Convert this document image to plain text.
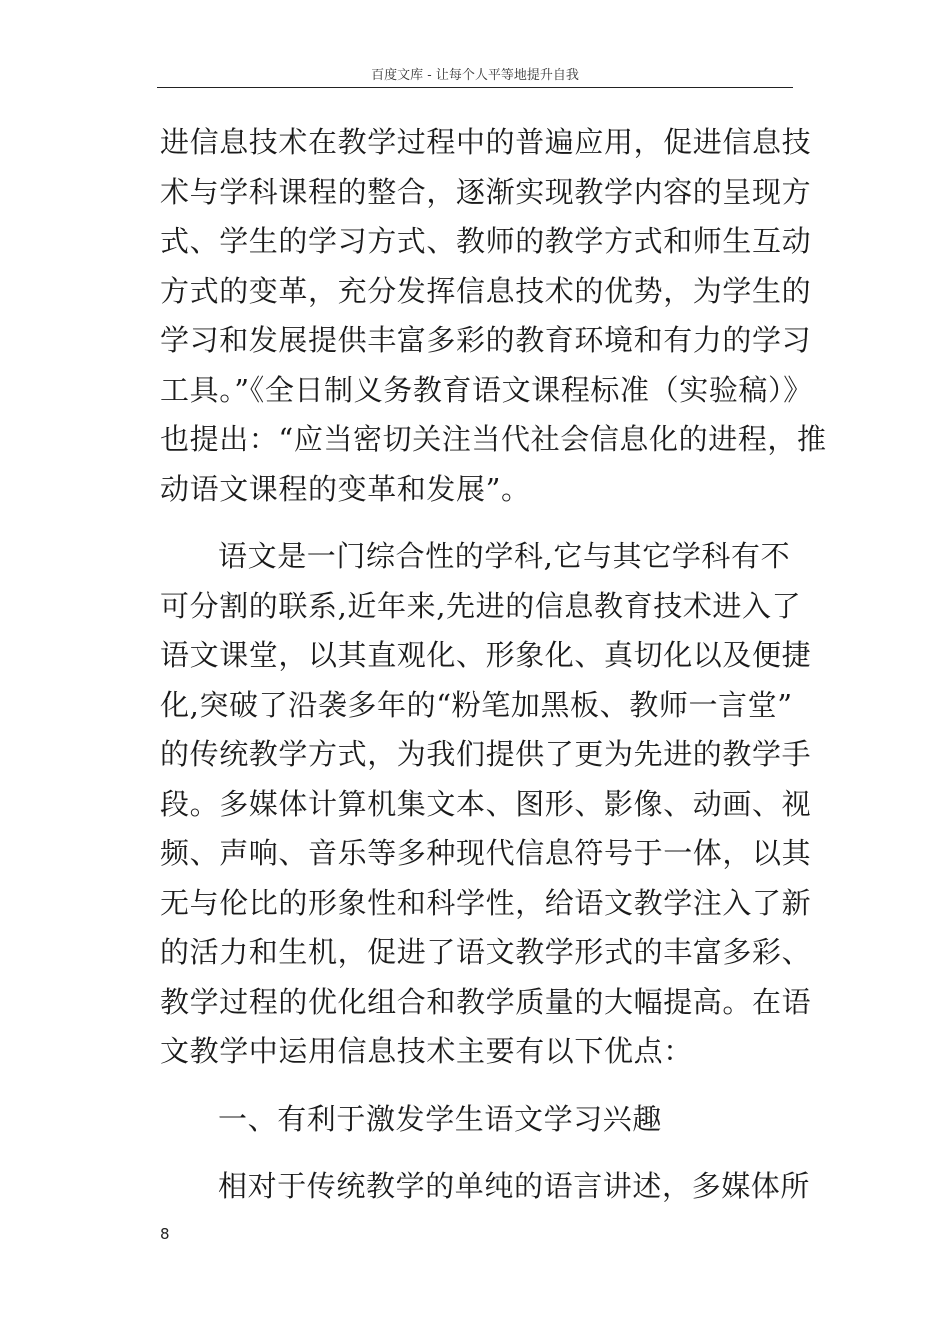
百度文库 - 让每个人平等地提升自我

进信息技术在教学过程中的普遍应用，促进信息技
术与学科课程的整合，逐渐实现教学内容的呈现方
式、学生的学习方式、教师的教学方式和师生互动
方式的变革，充分发挥信息技术的优势，为学生的
学习和发展提供丰富多彩的教育环境和有力的学习
工具。”《全日制义务教育语文课程标准（实验稿）》
也提出：“应当密切关注当代社会信息化的进程，推
动语文课程的变革和发展”。

语文是一门综合性的学科,它与其它学科有不
可分割的联系,近年来,先进的信息教育技术进入了
语文课堂，以其直观化、形象化、真切化以及便捷
化,突破了沿袭多年的“粉笔加黑板、教师一言堂”
的传统教学方式，为我们提供了更为先进的教学手
段。多媒体计算机集文本、图形、影像、动画、视
频、声响、音乐等多种现代信息符号于一体，以其
无与伦比的形象性和科学性，给语文教学注入了新
的活力和生机，促进了语文教学形式的丰富多彩、
教学过程的优化组合和教学质量的大幅提高。在语
文教学中运用信息技术主要有以下优点：

一、有利于激发学生语文学习兴趣

相对于传统教学的单纯的语言讲述，多媒体所

8
